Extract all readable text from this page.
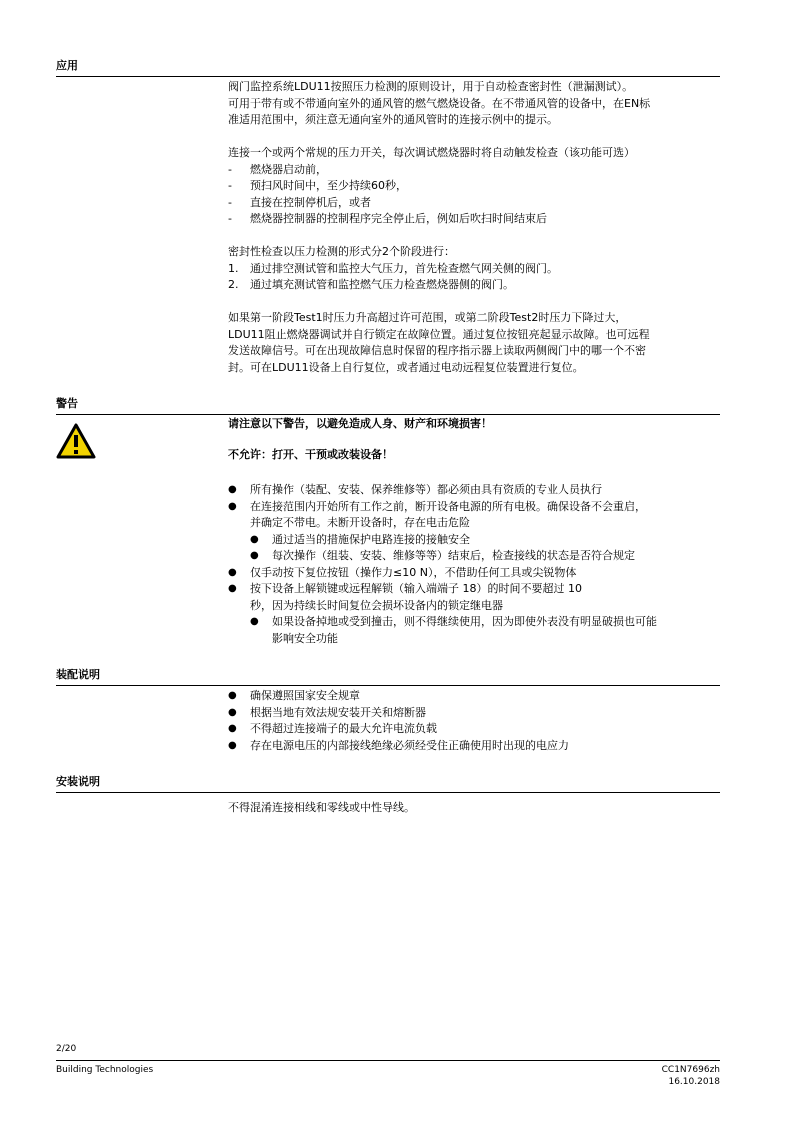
应用

阀门监控系统LDU11按照压力检测的原则设计，用于自动检查密封性（泄漏测试）。

可用于带有或不带通向室外的通风管的燃气燃烧设备。在不带通风管的设备中，在EN标

准适用范围中，须注意无通向室外的通风管时的连接示例中的提示。

连接一个或两个常规的压力开关，每次调试燃烧器时将自动触发检查（该功能可选）

- 燃烧器启动前，
- 预扫风时间中，至少持续60秒，
- 直接在控制停机后，或者
- 燃烧器控制器的控制程序完全停止后，例如后吹扫时间结束后

密封性检查以压力检测的形式分2个阶段进行：

1. 通过排空测试管和监控大气压力，首先检查燃气网关侧的阀门。
2. 通过填充测试管和监控燃气压力检查燃烧器侧的阀门。

如果第一阶段Test1时压力升高超过许可范围，或第二阶段Test2时压力下降过大，

LDU11阻止燃烧器调试并自行锁定在故障位置。通过复位按钮亮起显示故障。也可远程

发送故障信号。可在出现故障信息时保留的程序指示器上读取两侧阀门中的哪一个不密

封。可在LDU11设备上自行复位，或者通过电动远程复位装置进行复位。

警告

请注意以下警告，以避免造成人身、财产和环境损害！

不允许：打开、干预或改装设备！

● 所有操作（装配、安装、保养维修等）都必须由具有资质的专业人员执行
● 在连接范围内开始所有工作之前，断开设备电源的所有电极。确保设备不会重启，
并确定不带电。未断开设备时，存在电击危险
● 通过适当的措施保护电路连接的接触安全
● 每次操作（组装、安装、维修等等）结束后，检查接线的状态是否符合规定
● 仅手动按下复位按钮（操作力≤10 N），不借助任何工具或尖锐物体
● 按下设备上解锁键或远程解锁（输入端端子 18）的时间不要超过 10
秒，因为持续长时间复位会损坏设备内的锁定继电器
● 如果设备掉地或受到撞击，则不得继续使用，因为即使外表没有明显破损也可能
影响安全功能
装配说明
● 确保遵照国家安全规章
● 根据当地有效法规安装开关和熔断器
● 不得超过连接端子的最大允许电流负载
● 存在电源电压的内部接线绝缘必须经受住正确使用时出现的电应力
安装说明

不得混淆连接相线和零线或中性导线。

2/20
Building Technologies	CC1N7696zh
16.10.2018
